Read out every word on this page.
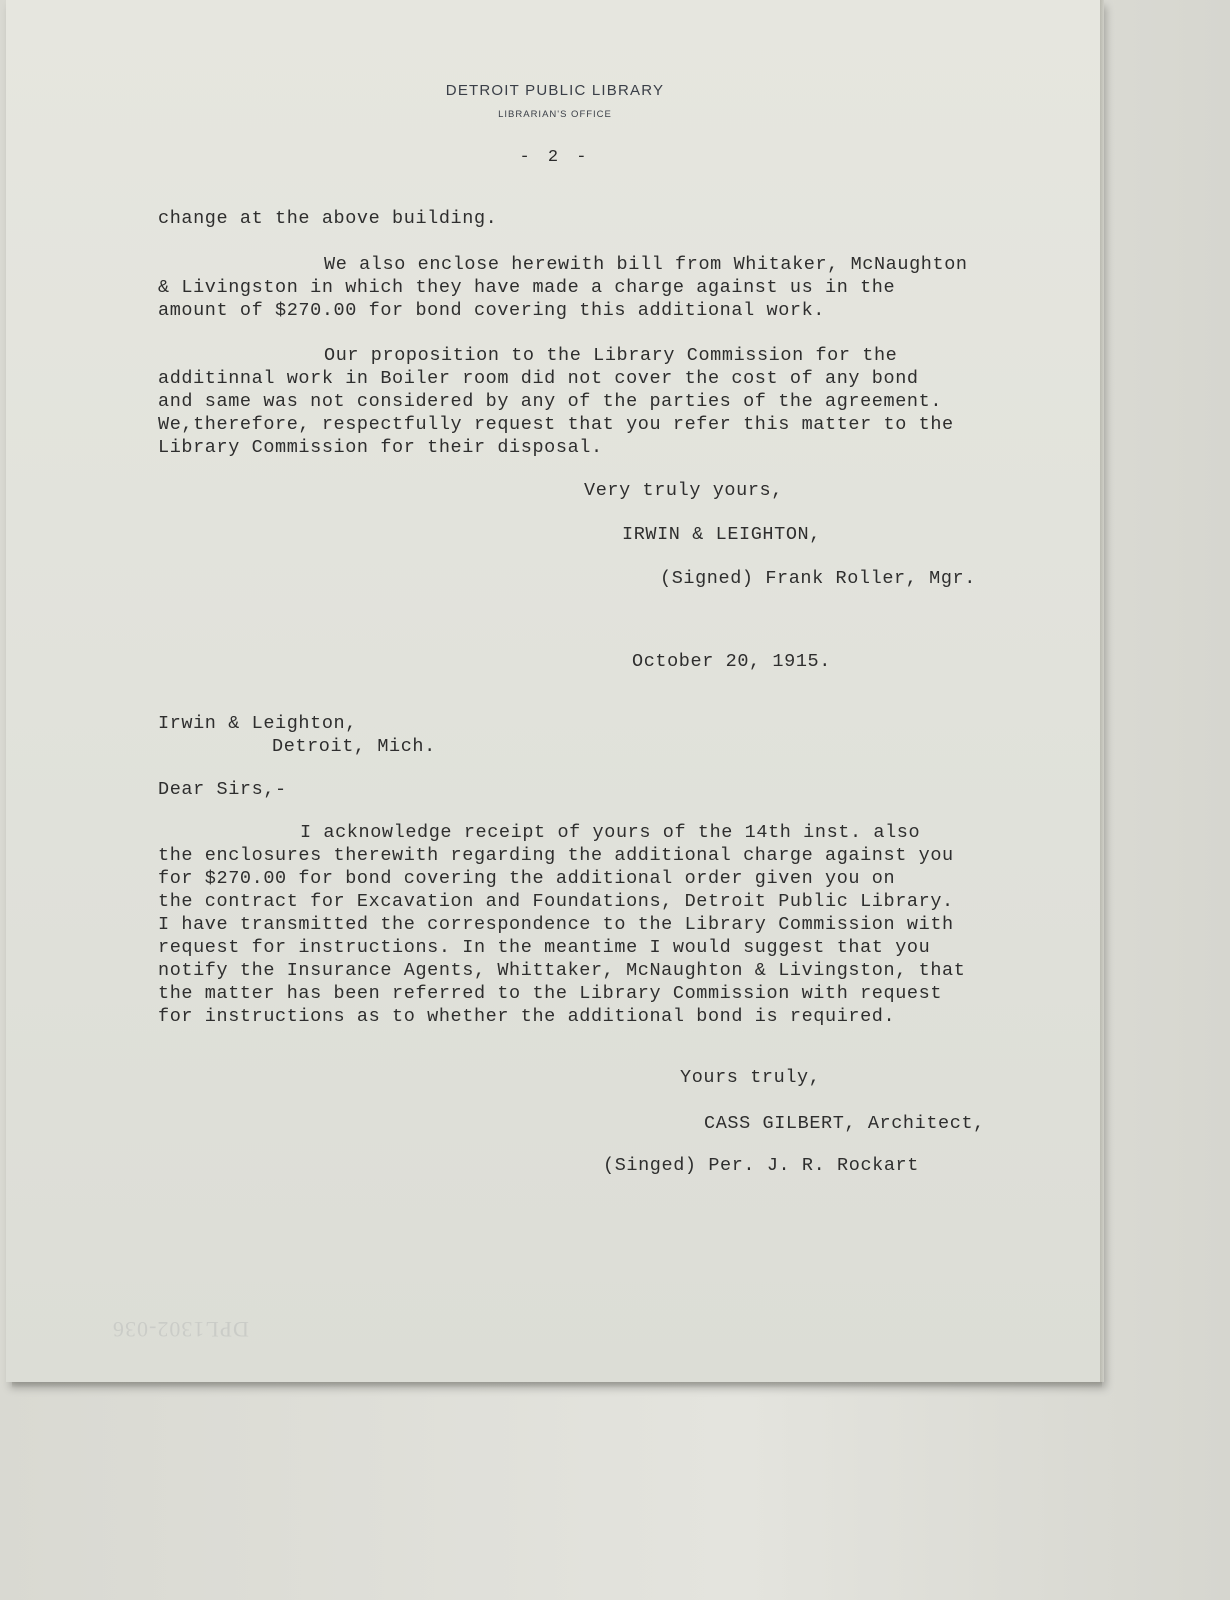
DETROIT PUBLIC LIBRARY
LIBRARIAN'S OFFICE
- 2 -
change at the above building.
We also enclose herewith bill from Whitaker, McNaughton
& Livingston in which they have made a charge against us in the
amount of $270.00 for bond covering this additional work.
Our proposition to the Library Commission for the
additinnal work in Boiler room did not cover the cost of any bond
and same was not considered by any of the parties of the agreement.
We,therefore, respectfully request that you refer this matter to the
Library Commission for their disposal.
Very truly yours,
IRWIN & LEIGHTON,
(Signed) Frank Roller, Mgr.
October 20, 1915.
Irwin & Leighton,
Detroit, Mich.
Dear Sirs,-
I acknowledge receipt of yours of the 14th inst. also
the enclosures therewith regarding the additional charge against you
for $270.00 for bond covering the additional order given you on
the contract for Excavation and Foundations, Detroit Public Library.
I have transmitted the correspondence to the Library Commission with
request for instructions. In the meantime I would suggest that you
notify the Insurance Agents, Whittaker, McNaughton & Livingston, that
the matter has been referred to the Library Commission with request
for instructions as to whether the additional bond is required.
Yours truly,
CASS GILBERT, Architect,
(Singed) Per. J. R. Rockart
DPL1302-036
